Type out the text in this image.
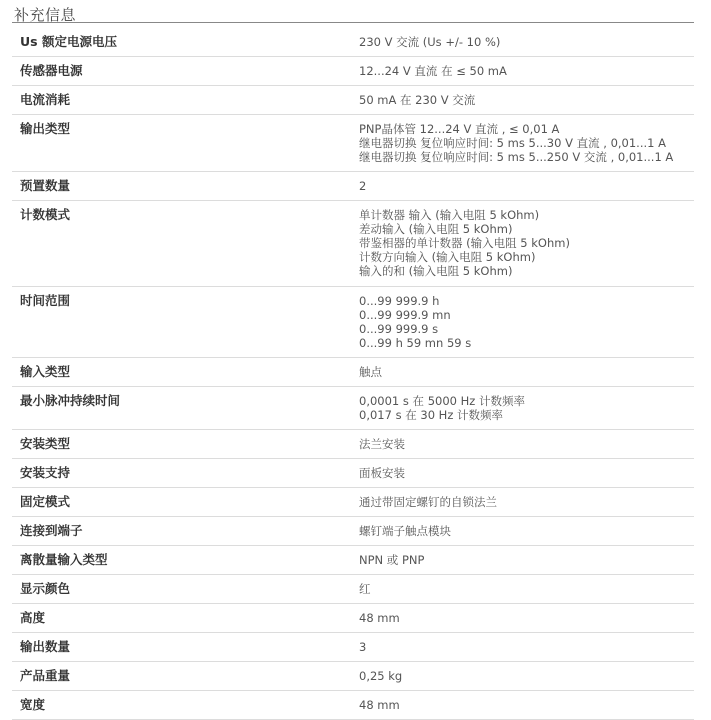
补充信息
Us 额定电源电压	230 V 交流 (Us +/- 10 %)
传感器电源	12...24 V 直流 在 ≤ 50 mA
电流消耗	50 mA 在 230 V 交流
输出类型	PNP晶体管 12...24 V 直流 , ≤ 0,01 A
继电器切换 复位响应时间: 5 ms 5...30 V 直流 , 0,01...1 A
继电器切换 复位响应时间: 5 ms 5...250 V 交流 , 0,01...1 A
预置数量	2
计数模式	单计数器 输入 (输入电阻 5 kOhm)
差动输入 (输入电阻 5 kOhm)
带鉴相器的单计数器 (输入电阻 5 kOhm)
计数方向输入 (输入电阻 5 kOhm)
输入的和 (输入电阻 5 kOhm)
时间范围	0...99 999.9 h
0...99 999.9 mn
0...99 999.9 s
0...99 h 59 mn 59 s
输入类型	触点
最小脉冲持续时间	0,0001 s 在 5000 Hz 计数频率
0,017 s 在 30 Hz 计数频率
安装类型	法兰安装
安装支持	面板安装
固定模式	通过带固定螺钉的自锁法兰
连接到端子	螺钉端子触点模块
离散量输入类型	NPN 或 PNP
显示颜色	红
高度	48 mm
输出数量	3
产品重量	0,25 kg
宽度	48 mm
